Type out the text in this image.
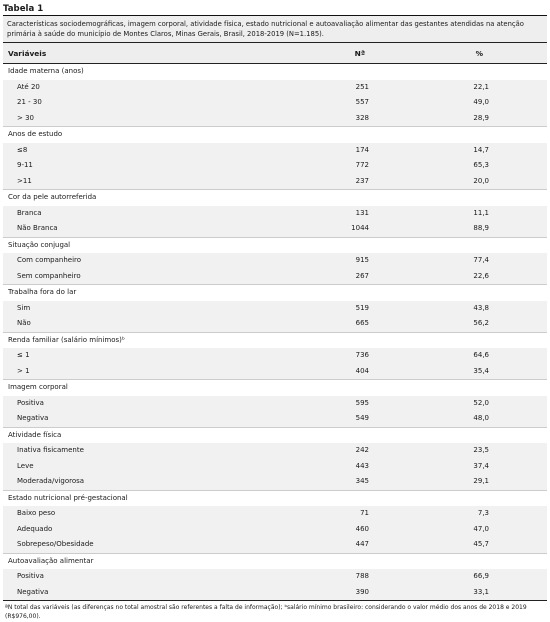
Tabela 1
Características sociodemográficas, imagem corporal, atividade física, estado nutricional e autoavaliação alimentar das gestantes atendidas na atenção primária à saúde do município de Montes Claros, Minas Gerais, Brasil, 2018-2019 (N=1.185).
Variáveis	Nª	%
Idade materna (anos)		
Até 20	251	22,1
21 - 30	557	49,0
> 30	328	28,9
Anos de estudo		
≤8	174	14,7
9-11	772	65,3
>11	237	20,0
Cor da pele autorreferida		
Branca	131	11,1
Não Branca	1044	88,9
Situação conjugal		
Com companheiro	915	77,4
Sem companheiro	267	22,6
Trabalha fora do lar		
Sim	519	43,8
Não	665	56,2
Renda familiar (salário mínimos)ᵇ		
≤ 1	736	64,6
> 1	404	35,4
Imagem corporal		
Positiva	595	52,0
Negativa	549	48,0
Atividade física		
Inativa fisicamente	242	23,5
Leve	443	37,4
Moderada/vigorosa	345	29,1
Estado nutricional pré-gestacional		
Baixo peso	71	7,3
Adequado	460	47,0
Sobrepeso/Obesidade	447	45,7
Autoavaliação alimentar		
Positiva	788	66,9
Negativa	390	33,1
ªN total das variáveis (as diferenças no total amostral são referentes a falta de informação); ᵇsalário mínimo brasileiro: considerando o valor médio dos anos de 2018 e 2019 (R$976,00).
